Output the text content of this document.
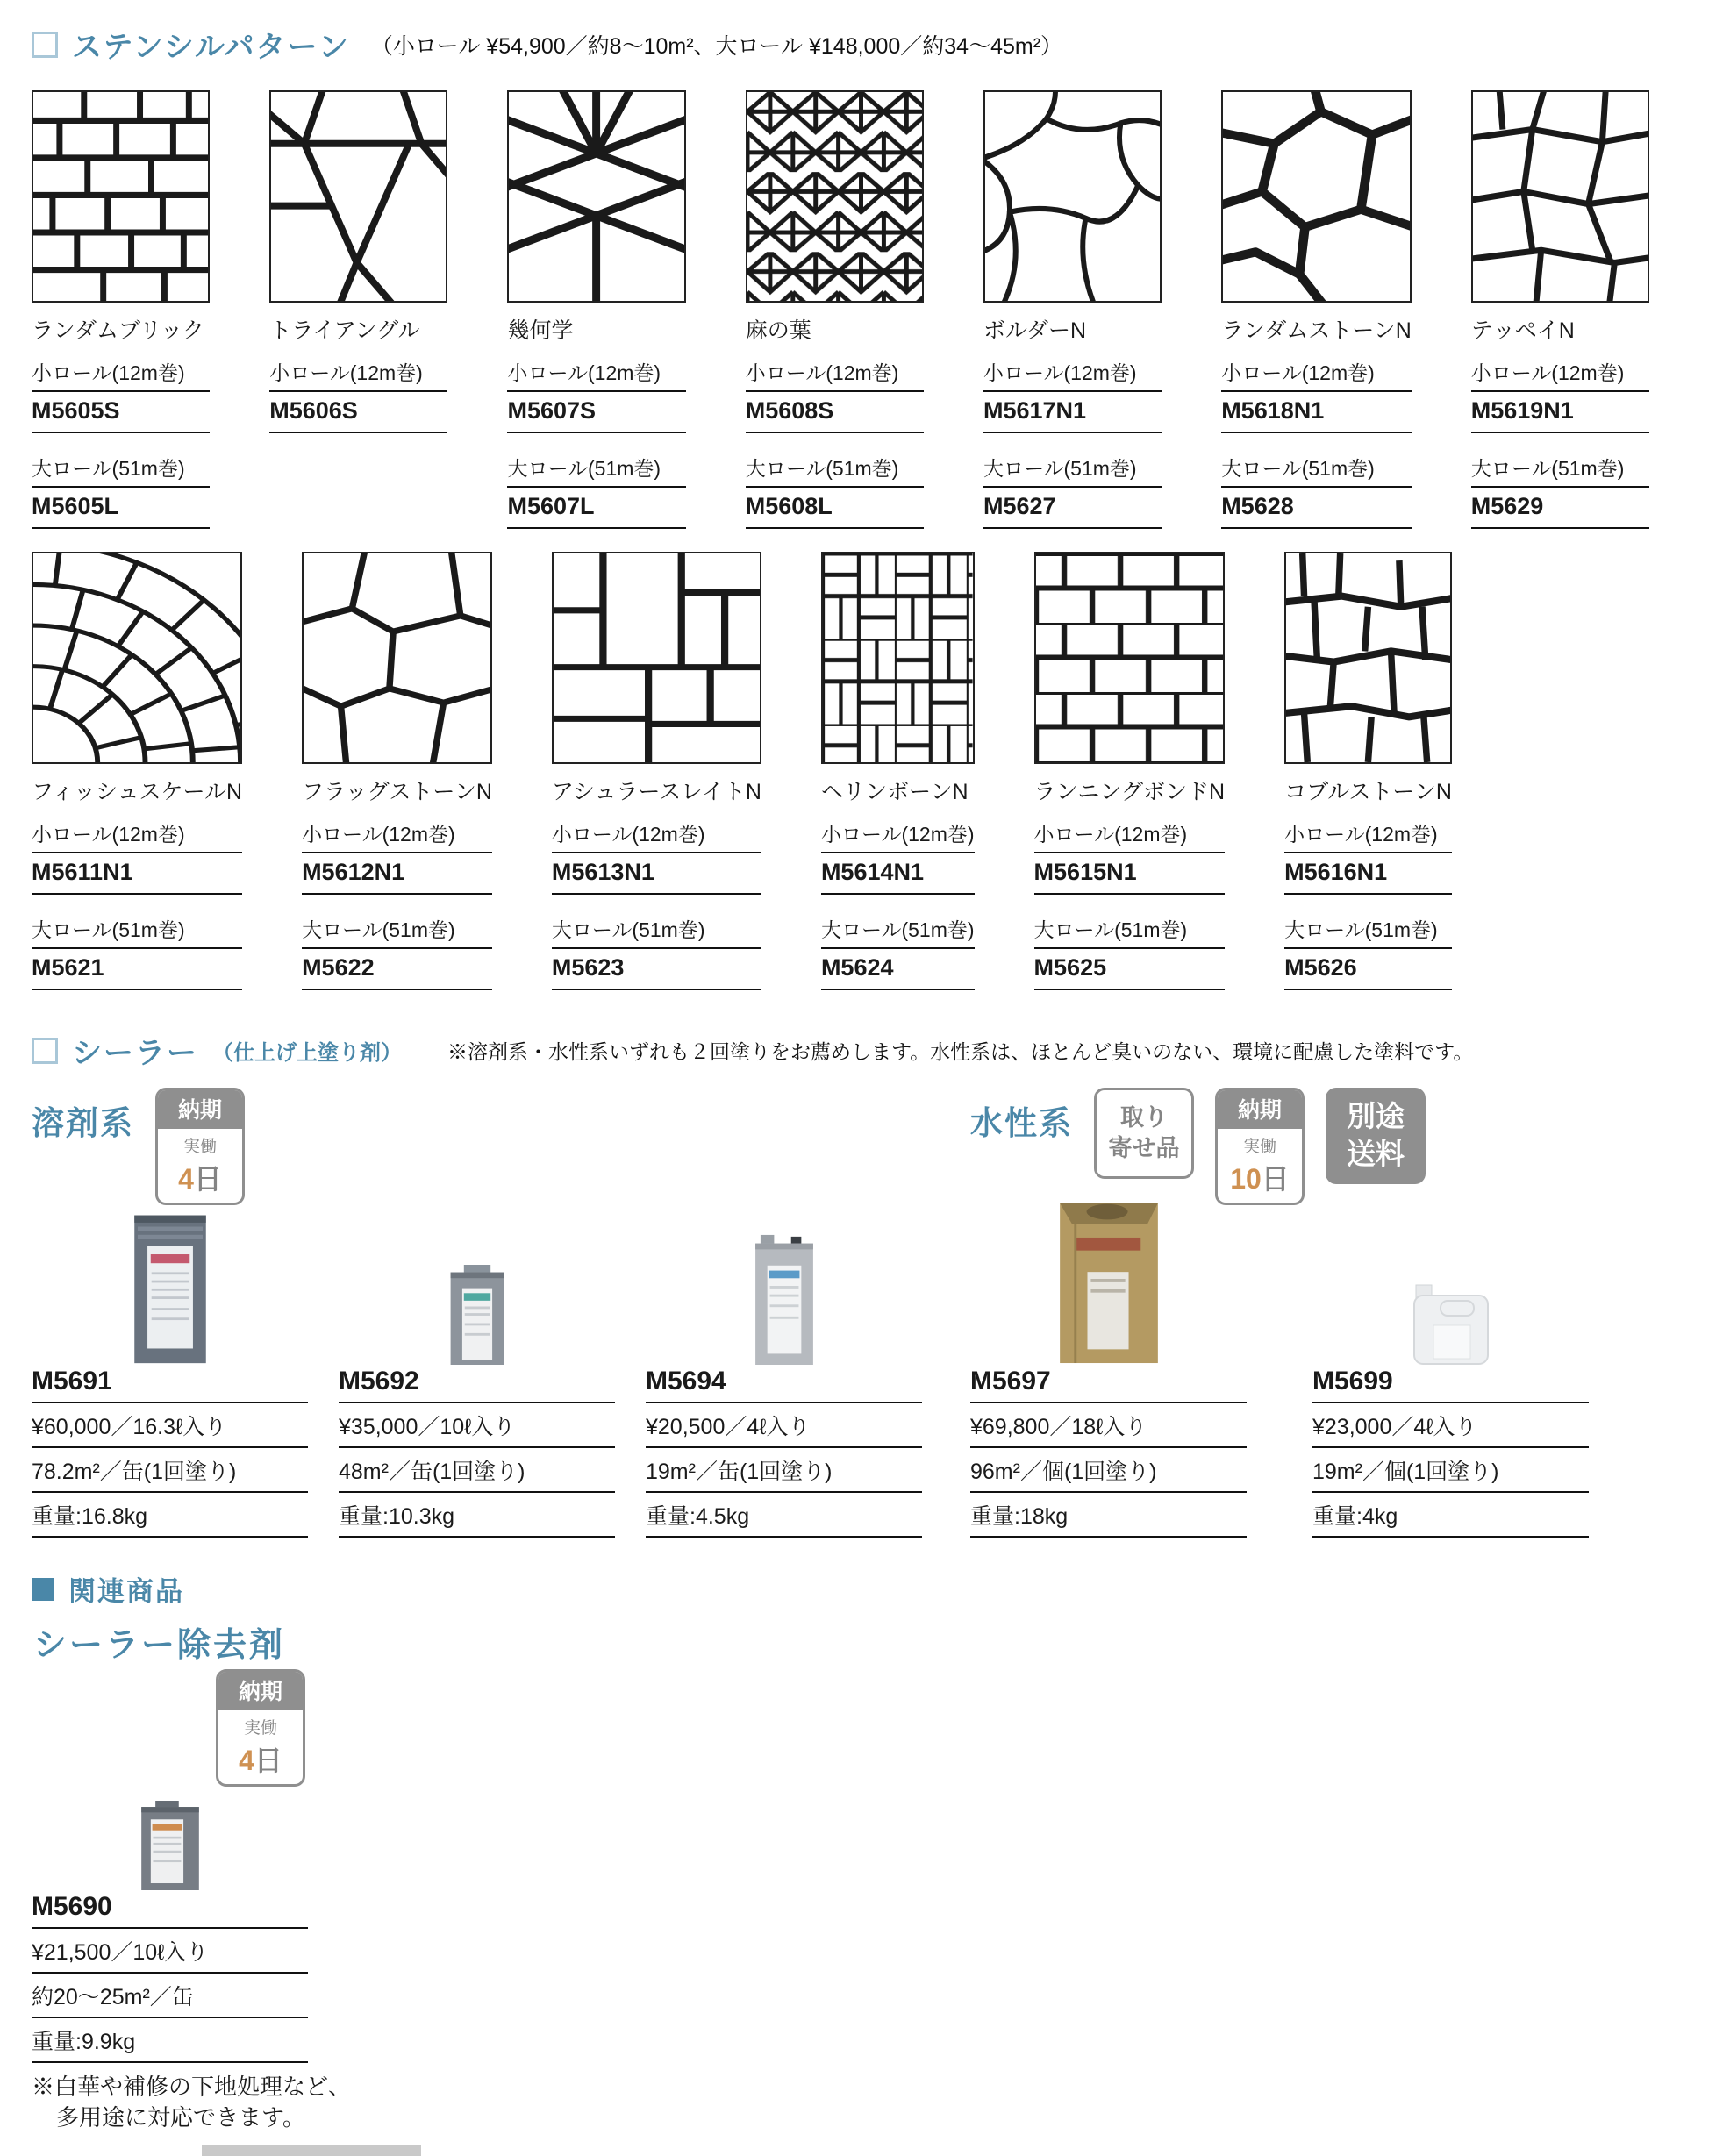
ステンシルパターン （小ロール ¥54,900／約8～10m²、大ロール ¥148,000／約34～45m²）
ランダムブリック
小ロール(12m巻)
M5605S
大ロール(51m巻)
M5605L
トライアングル
小ロール(12m巻)
M5606S
幾何学
小ロール(12m巻)
M5607S
大ロール(51m巻)
M5607L
麻の葉
小ロール(12m巻)
M5608S
大ロール(51m巻)
M5608L
ボルダーN
小ロール(12m巻)
M5617N1
大ロール(51m巻)
M5627
ランダムストーンN
小ロール(12m巻)
M5618N1
大ロール(51m巻)
M5628
テッペイN
小ロール(12m巻)
M5619N1
大ロール(51m巻)
M5629
フィッシュスケールN
小ロール(12m巻)
M5611N1
大ロール(51m巻)
M5621
フラッグストーンN
小ロール(12m巻)
M5612N1
大ロール(51m巻)
M5622
アシュラースレイトN
小ロール(12m巻)
M5613N1
大ロール(51m巻)
M5623
ヘリンボーンN
小ロール(12m巻)
M5614N1
大ロール(51m巻)
M5624
ランニングボンドN
小ロール(12m巻)
M5615N1
大ロール(51m巻)
M5625
コブルストーンN
小ロール(12m巻)
M5616N1
大ロール(51m巻)
M5626
シーラー （仕上げ上塗り剤） ※溶剤系・水性系いずれも２回塗りをお薦めします。水性系は、ほとんど臭いのない、環境に配慮した塗料です。
溶剤系	納期
実働
4日
M5691
¥60,000／16.3ℓ入り
78.2m²／缶(1回塗り)
重量:16.8kg
M5692
¥35,000／10ℓ入り
48m²／缶(1回塗り)
重量:10.3kg
M5694
¥20,500／4ℓ入り
19m²／缶(1回塗り)
重量:4.5kg
水性系 取り
寄せ品
納期
実働
10日
別途
送料
M5697
¥69,800／18ℓ入り
96m²／個(1回塗り)
重量:18kg
M5699
¥23,000／4ℓ入り
19m²／個(1回塗り)
重量:4kg
関連商品
シーラー除去剤
納期
実働
4日
M5690
¥21,500／10ℓ入り
約20～25m²／缶
重量:9.9kg
※白華や補修の下地処理など、
多用途に対応できます。
